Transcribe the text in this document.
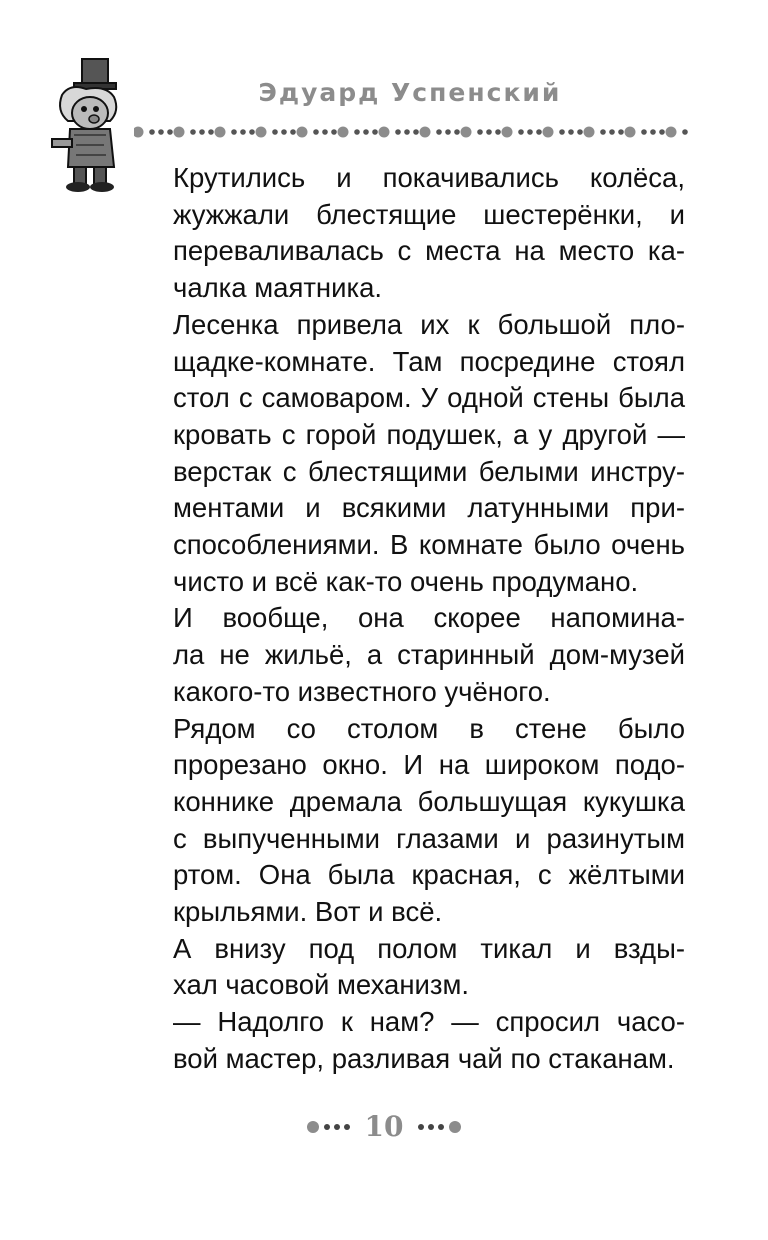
Эдуард Успенский

Крутились и покачивались колёса,
жужжали блестящие шестерёнки, и
переваливалась с места на место ка-
чалка маятника.

Лесенка привела их к большой пло-
щадке-комнате. Там посредине стоял
стол с самоваром. У одной стены была
кровать с горой подушек, а у другой —
верстак с блестящими белыми инстру-
ментами и всякими латунными при-
способлениями. В комнате было очень
чисто и всё как-то очень продумано.

И вообще, она скорее напомина-
ла не жильё, а старинный дом-музей
какого-то известного учёного.

Рядом со столом в стене было
прорезано окно. И на широком подо-
коннике дремала большущая кукушка
с выпученными глазами и разинутым
ртом. Она была красная, с жёлтыми
крыльями. Вот и всё.

А внизу под полом тикал и взды-
хал часовой механизм.

— Надолго к нам? — спросил часо-
вой мастер, разливая чай по стаканам.

10
